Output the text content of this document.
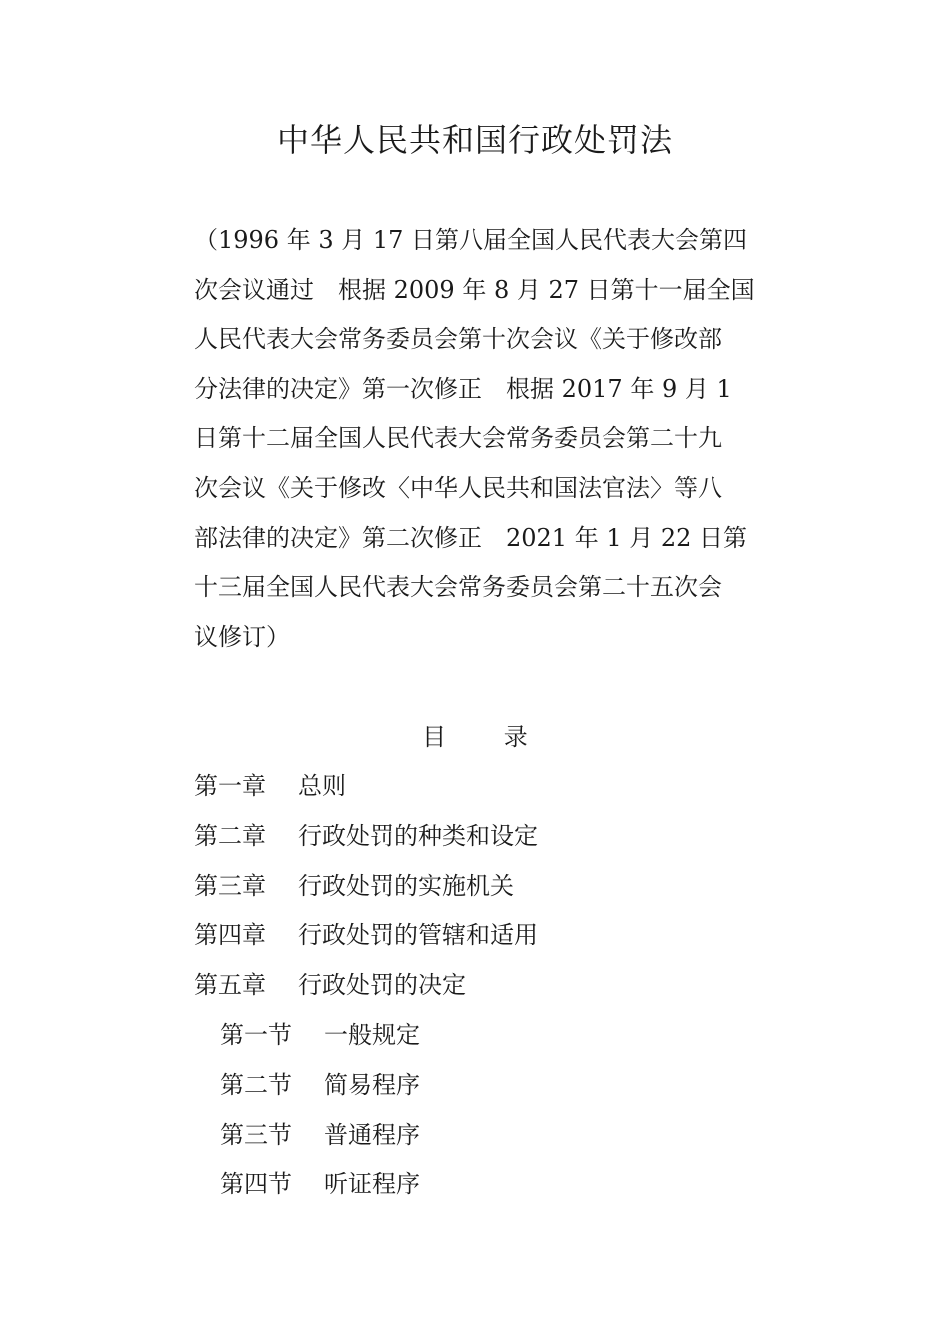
中华人民共和国行政处罚法
（1996 年 3 月 17 日第八届全国人民代表大会第四
次会议通过　根据 2009 年 8 月 27 日第十一届全国
人民代表大会常务委员会第十次会议《关于修改部
分法律的决定》第一次修正　根据 2017 年 9 月 1
日第十二届全国人民代表大会常务委员会第二十九
次会议《关于修改〈中华人民共和国法官法〉等八
部法律的决定》第二次修正　2021 年 1 月 22 日第
十三届全国人民代表大会常务委员会第二十五次会
议修订）
目 录
第一章 总则
第二章 行政处罚的种类和设定
第三章 行政处罚的实施机关
第四章 行政处罚的管辖和适用
第五章 行政处罚的决定
第一节 一般规定
第二节 简易程序
第三节 普通程序
第四节 听证程序
